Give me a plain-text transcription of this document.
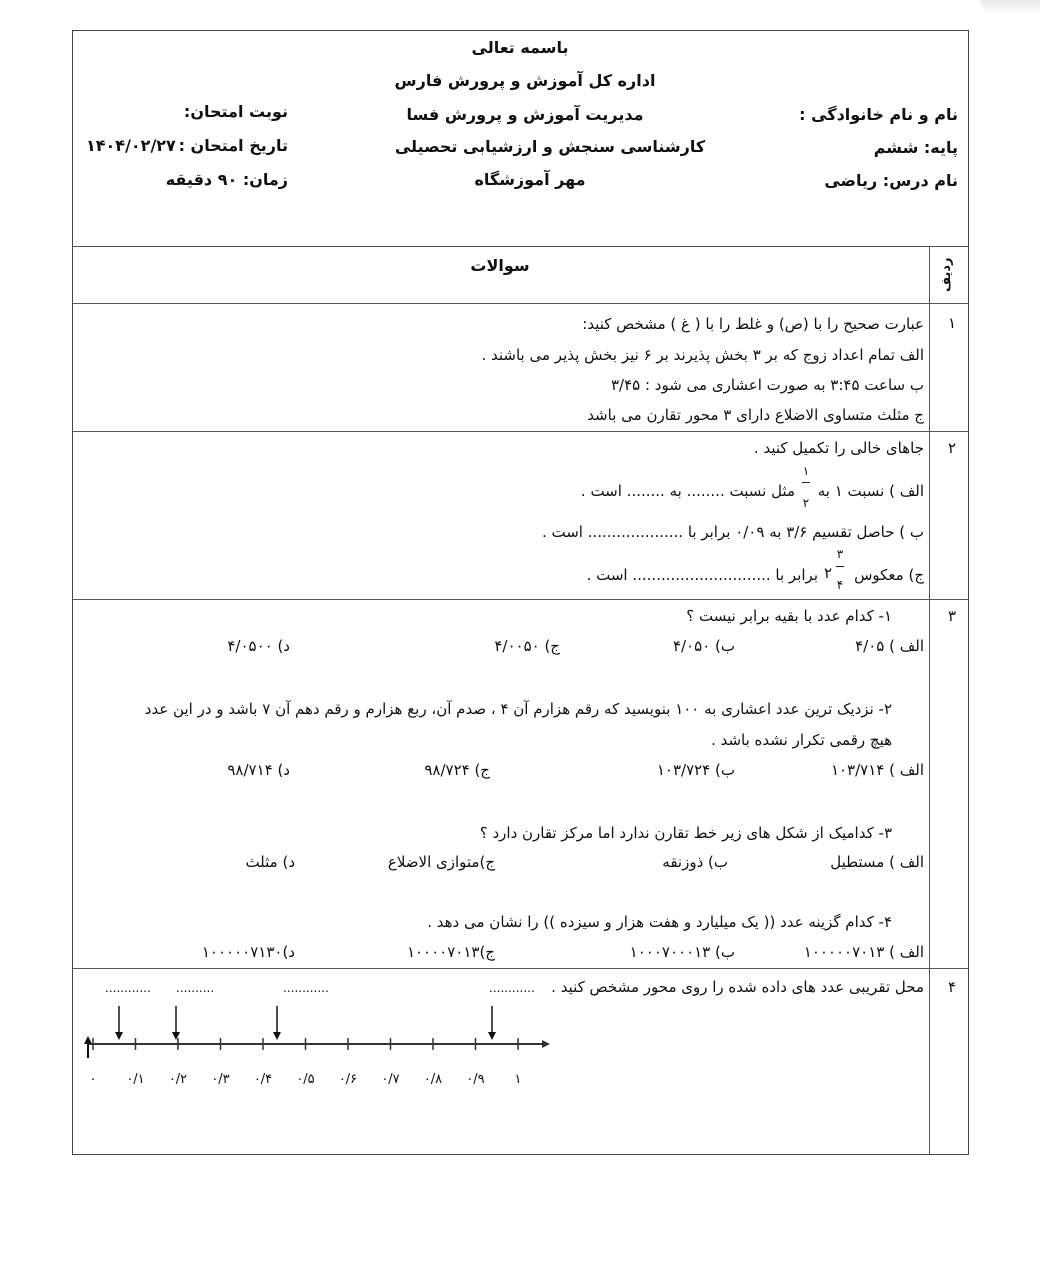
باسمه تعالی
اداره کل آموزش و پرورش فارس
مدیریت آموزش و پرورش فسا
کارشناسی سنجش و ارزشیابی تحصیلی
مهر آموزشگاه
نام و نام خانوادگی :
پایه: ششم
نام درس: ریاضی
نوبت امتحان:
تاریخ امتحان :
۱۴۰۴/۰۲/۲۷
زمان: ۹۰ دقیقه
ردیف
سوالات
۱
عبارت صحیح را با (ص) و غلط را با ( غ ) مشخص کنید:
الف تمام اعداد زوج که بر ۳ بخش پذیرند بر ۶ نیز بخش پذیر می باشند .
ب ساعت ۳:۴۵ به صورت اعشاری می شود : ۳/۴۵
ج مثلث متساوی الاضلاع دارای ۳ محور تقارن می باشد
۲
جاهای خالی را تکمیل کنید .
الف ) نسبت ۱ به
۱
۲
مثل نسبت ........ به ........ است .
ب ) حاصل تقسیم ۳/۶ به ۰/۰۹ برابر با .................... است .
ج) معکوس
۳
۴
۲
برابر با ............................. است .
۳
۱- کدام عدد با بقیه برابر نیست ؟
الف ) ۴/۰۵
ب) ۴/۰۵۰
ج) ۴/۰۰۵۰
د) ۴/۰۵۰۰
۲- نزدیک ترین عدد اعشاری به ۱۰۰ بنویسید که رقم هزارم آن ۴ ، صدم آن، ربع هزارم و رقم دهم آن ۷ باشد و در این عدد
هیچ رقمی تکرار نشده باشد .
الف ) ۱۰۳/۷۱۴
ب) ۱۰۳/۷۲۴
ج) ۹۸/۷۲۴
د) ۹۸/۷۱۴
۳- کدامیک از شکل های زیر خط تقارن ندارد اما مرکز تقارن دارد ؟
الف ) مستطیل
ب) ذوزنقه
ج)متوازی الاضلاع
د) مثلث
۴- کدام گزینه عدد (( یک میلیارد و هفت هزار و سیزده )) را نشان می دهد .
الف ) ۱۰۰۰۰۰۷۰۱۳
ب) ۱۰۰۰۷۰۰۰۱۳
ج)۱۰۰۰۰۷۰۱۳
د)۱۰۰۰۰۰۷۱۳۰
۴
محل تقریبی عدد های داده شده را روی محور مشخص کنید .
............ ..........	............	............
۰	۰/۱ ۰/۲ ۰/۳ ۰/۴ ۰/۵ ۰/۶ ۰/۷ ۰/۸ ۰/۹	۱
